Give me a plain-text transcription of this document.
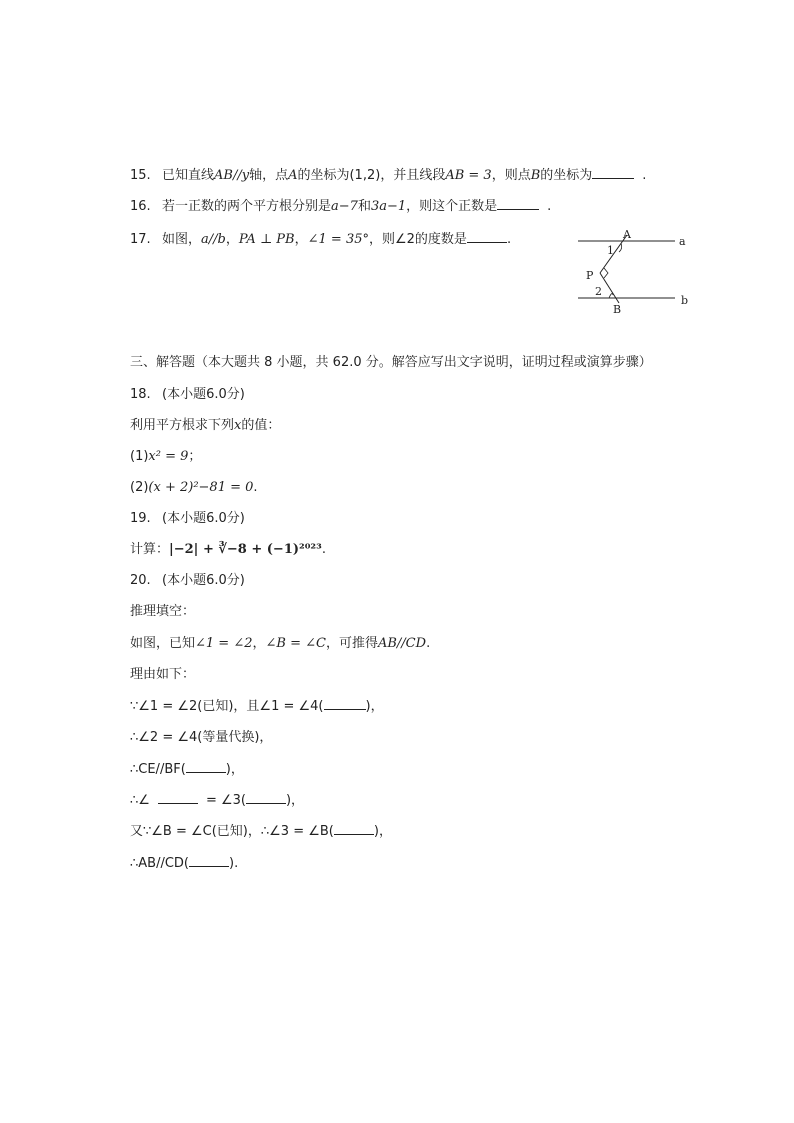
15. 已知直线AB//y轴，点A的坐标为(1,2)，并且线段AB = 3，则点B的坐标为	.
16. 若一正数的两个平方根分别是a−7和3a−1，则这个正数是	.
17. 如图，a//b，PA ⊥ PB，∠1 = 35°，则∠2的度数是	.	A
a
1
P
2
B
b
三、解答题（本大题共 8 小题，共 62.0 分。解答应写出文字说明，证明过程或演算步骤）
18. (本小题6.0分)
利用平方根求下列x的值：
(1)x² = 9；
(2)(x + 2)²−81 = 0.
19. (本小题6.0分)
计算：|−2| + ∛−8 + (−1)²⁰²³.
20. (本小题6.0分)
推理填空：
如图，已知∠1 = ∠2，∠B = ∠C，可推得AB//CD.
理由如下：
∵∠1 = ∠2(已知)，且∠1 = ∠4(	)，
∴∠2 = ∠4(等量代换)，
∴CE//BF(	)，
∴∠	= ∠3(	)，
又∵∠B = ∠C(已知)，∴∠3 = ∠B(	)，
∴AB//CD(	).
